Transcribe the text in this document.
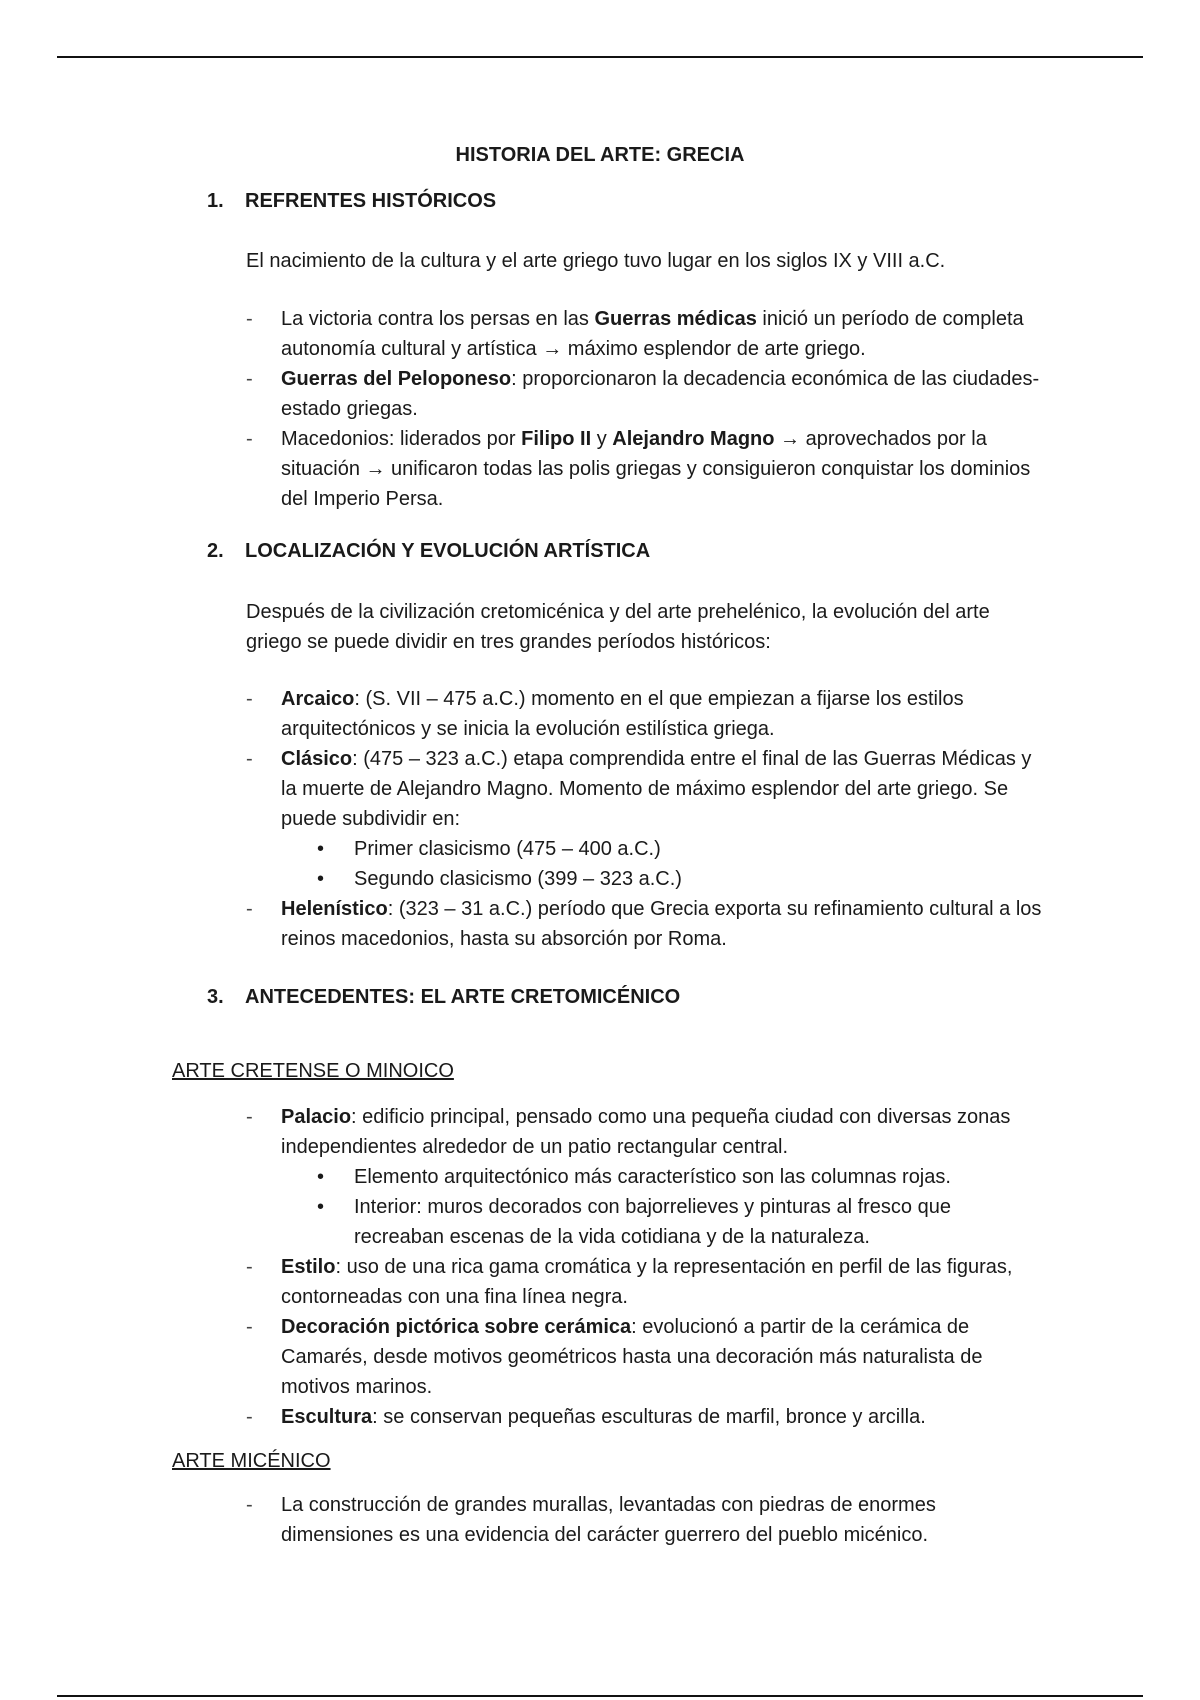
HISTORIA DEL ARTE: GRECIA
1. REFRENTES HISTÓRICOS

El nacimiento de la cultura y el arte griego tuvo lugar en los siglos IX y VIII a.C.

- La victoria contra los persas en las Guerras médicas inició un período de completa autonomía cultural y artística → máximo esplendor de arte griego.
- Guerras del Peloponeso: proporcionaron la decadencia económica de las ciudades-estado griegas.
- Macedonios: liderados por Filipo II y Alejandro Magno → aprovechados por la situación → unificaron todas las polis griegas y consiguieron conquistar los dominios del Imperio Persa.
2. LOCALIZACIÓN Y EVOLUCIÓN ARTÍSTICA

Después de la civilización cretomicénica y del arte prehelénico, la evolución del arte griego se puede dividir en tres grandes períodos históricos:

- Arcaico: (S. VII – 475 a.C.) momento en el que empiezan a fijarse los estilos arquitectónicos y se inicia la evolución estilística griega.
- Clásico: (475 – 323 a.C.) etapa comprendida entre el final de las Guerras Médicas y la muerte de Alejandro Magno. Momento de máximo esplendor del arte griego. Se puede subdividir en:
• Primer clasicismo (475 – 400 a.C.)
• Segundo clasicismo (399 – 323 a.C.)
- Helenístico: (323 – 31 a.C.) período que Grecia exporta su refinamiento cultural a los reinos macedonios, hasta su absorción por Roma.
3. ANTECEDENTES: EL ARTE CRETOMICÉNICO
ARTE CRETENSE O MINOICO
- Palacio: edificio principal, pensado como una pequeña ciudad con diversas zonas independientes alrededor de un patio rectangular central.
• Elemento arquitectónico más característico son las columnas rojas.
• Interior: muros decorados con bajorrelieves y pinturas al fresco que recreaban escenas de la vida cotidiana y de la naturaleza.
- Estilo: uso de una rica gama cromática y la representación en perfil de las figuras, contorneadas con una fina línea negra.
- Decoración pictórica sobre cerámica: evolucionó a partir de la cerámica de Camarés, desde motivos geométricos hasta una decoración más naturalista de motivos marinos.
- Escultura: se conservan pequeñas esculturas de marfil, bronce y arcilla.
ARTE MICÉNICO
- La construcción de grandes murallas, levantadas con piedras de enormes dimensiones es una evidencia del carácter guerrero del pueblo micénico.
